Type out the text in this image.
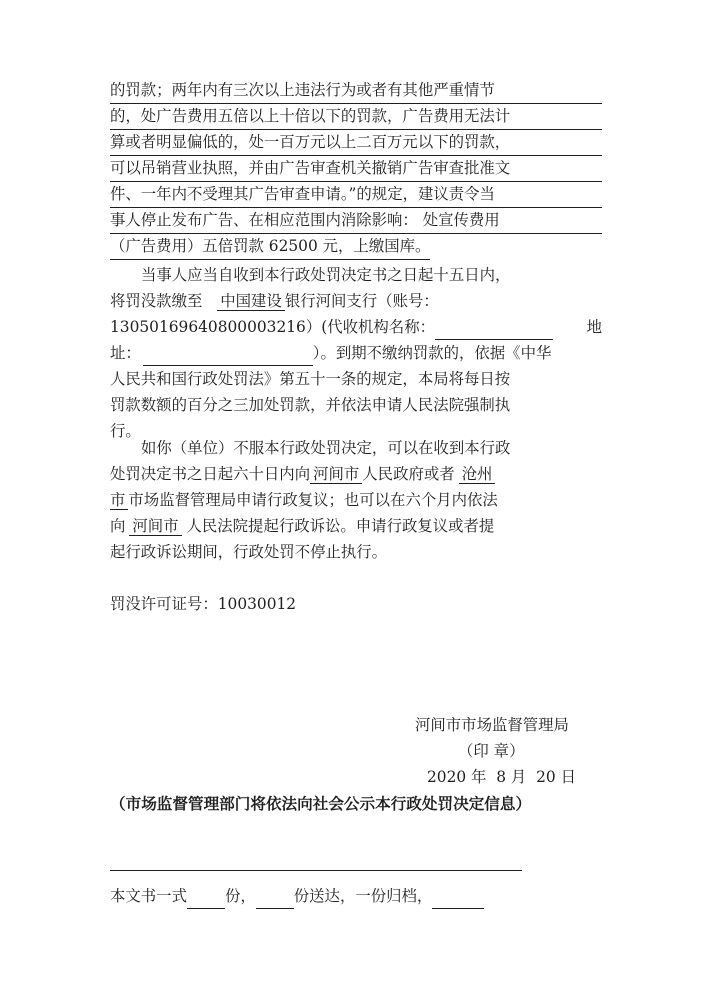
的罚款；两年内有三次以上违法行为或者有其他严重情节
的，处广告费用五倍以上十倍以下的罚款，广告费用无法计
算或者明显偏低的，处一百万元以上二百万元以下的罚款，
可以吊销营业执照，并由广告审查机关撤销广告审查批准文
件、一年内不受理其广告审查申请。”的规定，建议责令当
事人停止发布广告、在相应范围内消除影响： 处宣传费用
（广告费用）五倍罚款 62500 元，上缴国库。
当事人应当自收到本行政处罚决定书之日起十五日内，
将罚没款缴至 中国建设 银行河间支行（账号：
13050169640800003216）(代收机构名称：	地
址：	）。到期不缴纳罚款的，依据《中华
人民共和国行政处罚法》第五十一条的规定，本局将每日按
罚款数额的百分之三加处罚款，并依法申请人民法院强制执
行。
如你（单位）不服本行政处罚决定，可以在收到本行政
处罚决定书之日起六十日内向 河间市 人民政府或者 沧州
市 市场监督管理局申请行政复议；也可以在六个月内依法
向 河间市 人民法院提起行政诉讼。申请行政复议或者提
起行政诉讼期间，行政处罚不停止执行。
罚没许可证号：10030012
河间市市场监督管理局
（印 章）
2020 年  8 月  20 日
（市场监督管理部门将依法向社会公示本行政处罚决定信息）
本文书一式 份， 份送达，一份归档，
